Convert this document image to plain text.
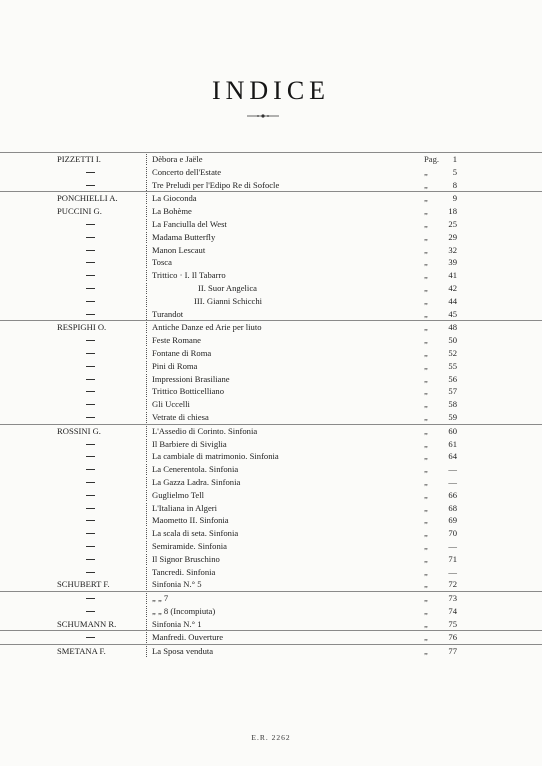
INDICE
PIZZETTI I.	Dèbora e Jaële	Pag. 1
Concerto dell'Estate	„	5
Tre Preludi per l'Edipo Re di Sofocle	„	8
PONCHIELLI A.	La Gioconda	„	9
PUCCINI G.	La Bohème	„ 18
La Fanciulla del West	„ 25
Madama Butterfly	„ 29
Manon Lescaut	„ 32
Tosca	„ 39
Trittico · I. Il Tabarro	„ 41
II. Suor Angelica	„ 42
III. Gianni Schicchi	„ 44
Turandot	„ 45
RESPIGHI O.	Antiche Danze ed Arie per liuto	„ 48
Feste Romane	„ 50
Fontane di Roma	„ 52
Pini di Roma	„ 55
Impressioni Brasiliane	„ 56
Trittico Botticelliano	„ 57
Gli Uccelli	„ 58
Vetrate di chiesa	„ 59
ROSSINI G.	L'Assedio di Corinto. Sinfonia	„ 60
Il Barbiere di Siviglia	„ 61
La cambiale di matrimonio. Sinfonia	„ 64
La Cenerentola. Sinfonia	„ —
La Gazza Ladra. Sinfonia	„ —
Guglielmo Tell	„ 66
L'Italiana in Algeri	„ 68
Maometto II. Sinfonia	„ 69
La scala di seta. Sinfonia	„ 70
Semiramide. Sinfonia	„ —
Il Signor Bruschino	„ 71
Tancredi. Sinfonia	„ —
SCHUBERT F.	Sinfonia N.° 5	„ 72
„ „ 7	„ 73
„ „ 8 (Incompiuta)	„ 74
SCHUMANN R.	Sinfonia N.° 1	„ 75
Manfredi. Ouverture	„ 76
SMETANA F.	La Sposa venduta	„ 77
E.R. 2262
